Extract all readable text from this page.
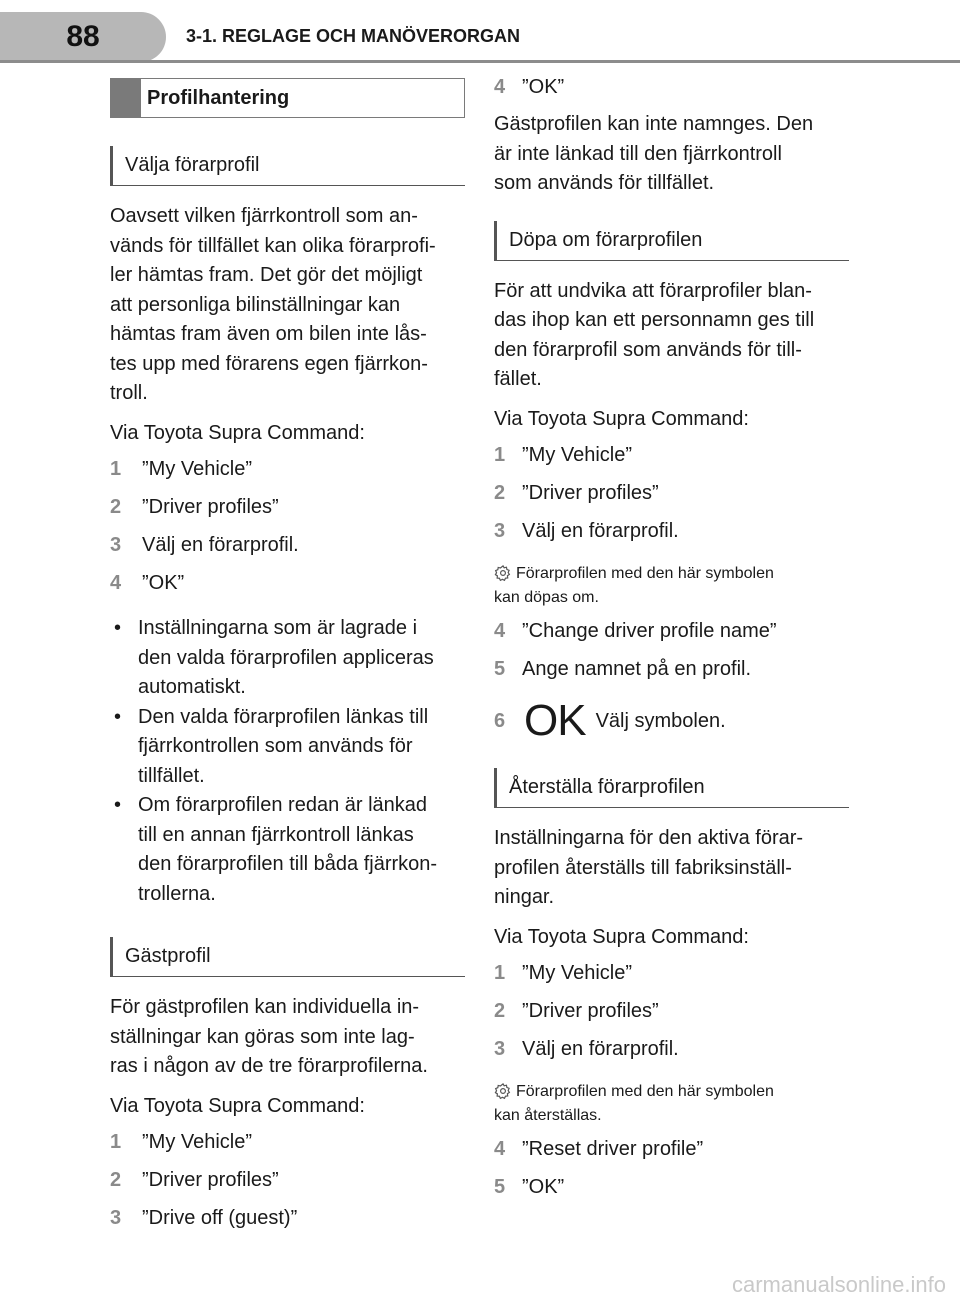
88	3-1. REGLAGE OCH MANÖVERORGAN
Profilhantering
Välja förarprofil

Oavsett vilken fjärrkontroll som an-
vänds för tillfället kan olika förarprofi-
ler hämtas fram. Det gör det möjligt
att personliga bilinställningar kan
hämtas fram även om bilen inte lås-
tes upp med förarens egen fjärrkon-
troll.

Via Toyota Supra Command:

1	”My Vehicle”
2	”Driver profiles”
3	Välj en förarprofil.
4	”OK”
• Inställningarna som är lagrade i
den valda förarprofilen appliceras
automatiskt.
• Den valda förarprofilen länkas till
fjärrkontrollen som används för
tillfället.
• Om förarprofilen redan är länkad
till en annan fjärrkontroll länkas
den förarprofilen till båda fjärrkon-
trollerna.
Gästprofil

För gästprofilen kan individuella in-
ställningar kan göras som inte lag-
ras i någon av de tre förarprofilerna.

Via Toyota Supra Command:

1	”My Vehicle”
2	”Driver profiles”
3	”Drive off (guest)”
4 ”OK”

Gästprofilen kan inte namnges. Den
är inte länkad till den fjärrkontroll
som används för tillfället.

Döpa om förarprofilen

För att undvika att förarprofiler blan-
das ihop kan ett personnamn ges till
den förarprofil som används för till-
fället.

Via Toyota Supra Command:

1 ”My Vehicle”
2 ”Driver profiles”
3 Välj en förarprofil.
Förarprofilen med den här symbolen
kan döpas om.
4 ”Change driver profile name”
5 Ange namnet på en profil.
6 OK Välj symbolen.
Återställa förarprofilen

Inställningarna för den aktiva förar-
profilen återställs till fabriksinställ-
ningar.

Via Toyota Supra Command:

1 ”My Vehicle”
2 ”Driver profiles”
3 Välj en förarprofil.
Förarprofilen med den här symbolen
kan återställas.
4 ”Reset driver profile”
5 ”OK”
carmanualsonline.info
